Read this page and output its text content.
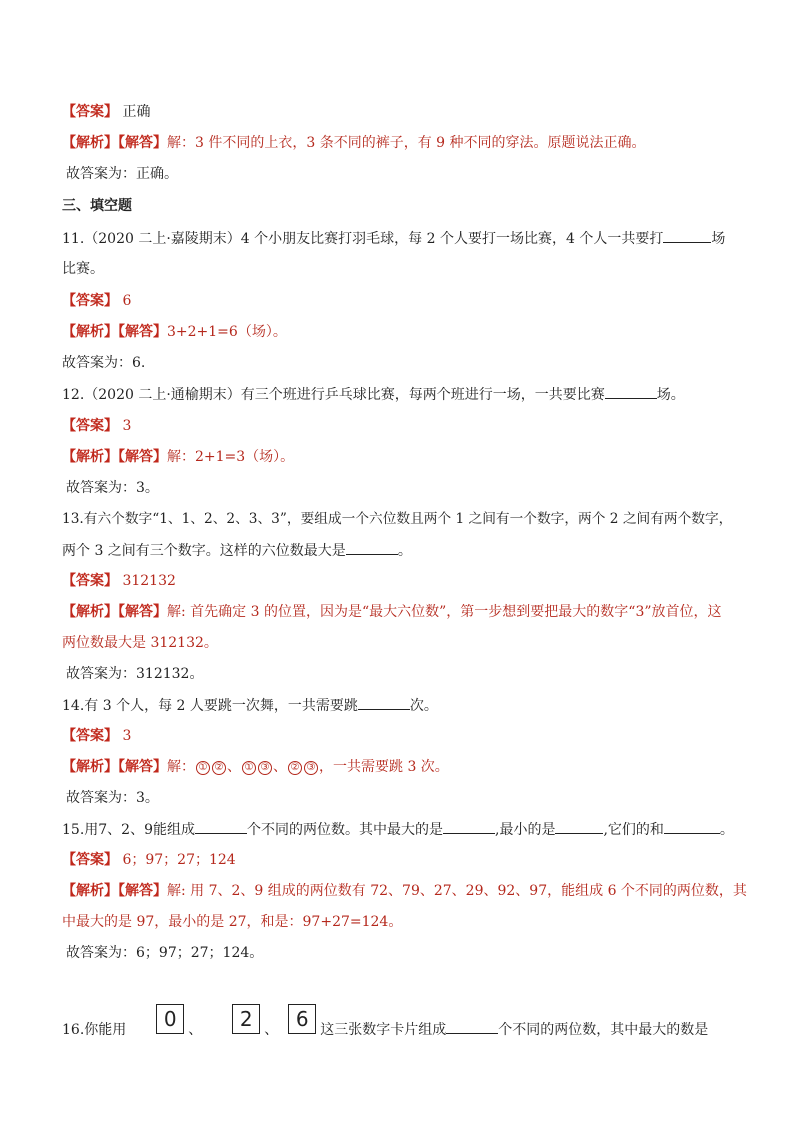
【答案】 正确
【解析】【解答】解：3 件不同的上衣，3 条不同的裤子，有 9 种不同的穿法。原题说法正确。
故答案为：正确。
三、填空题
11.（2020 二上·嘉陵期末）4 个小朋友比赛打羽毛球，每 2 个人要打一场比赛，4 个人一共要打	场
比赛。
【答案】 6
【解析】【解答】3+2+1=6（场）。
故答案为：6.
12.（2020 二上·通榆期末）有三个班进行乒乓球比赛，每两个班进行一场，一共要比赛	场。
【答案】 3
【解析】【解答】解：2+1=3（场）。
故答案为：3。
13.有六个数字“1、1、2、2、3、3”，要组成一个六位数且两个 1 之间有一个数字，两个 2 之间有两个数字，
两个 3 之间有三个数字。这样的六位数最大是	。
【答案】 312132
【解析】【解答】解: 首先确定 3 的位置，因为是“最大六位数”，第一步想到要把最大的数字“3”放首位，这
两位数最大是 312132。
故答案为：312132。
14.有 3 个人，每 2 人要跳一次舞，一共需要跳	次。
【答案】 3
【解析】【解答】解： ① ② 、 ① ③ 、 ② ③ ，一共需要跳 3 次。
故答案为：3。
15.用7、2、9能组成	个不同的两位数。其中最大的是	,最小的是	,它们的和	。
【答案】 6；97；27；124
【解析】【解答】解: 用 7、2、9 组成的两位数有 72、79、27、29、92、97，能组成 6 个不同的两位数，其
中最大的是 97，最小的是 27，和是：97+27=124。
故答案为：6；97；27；124。
16.你能用 0 、 2 、 6 这三张数字卡片组成	个不同的两位数，其中最大的数是
